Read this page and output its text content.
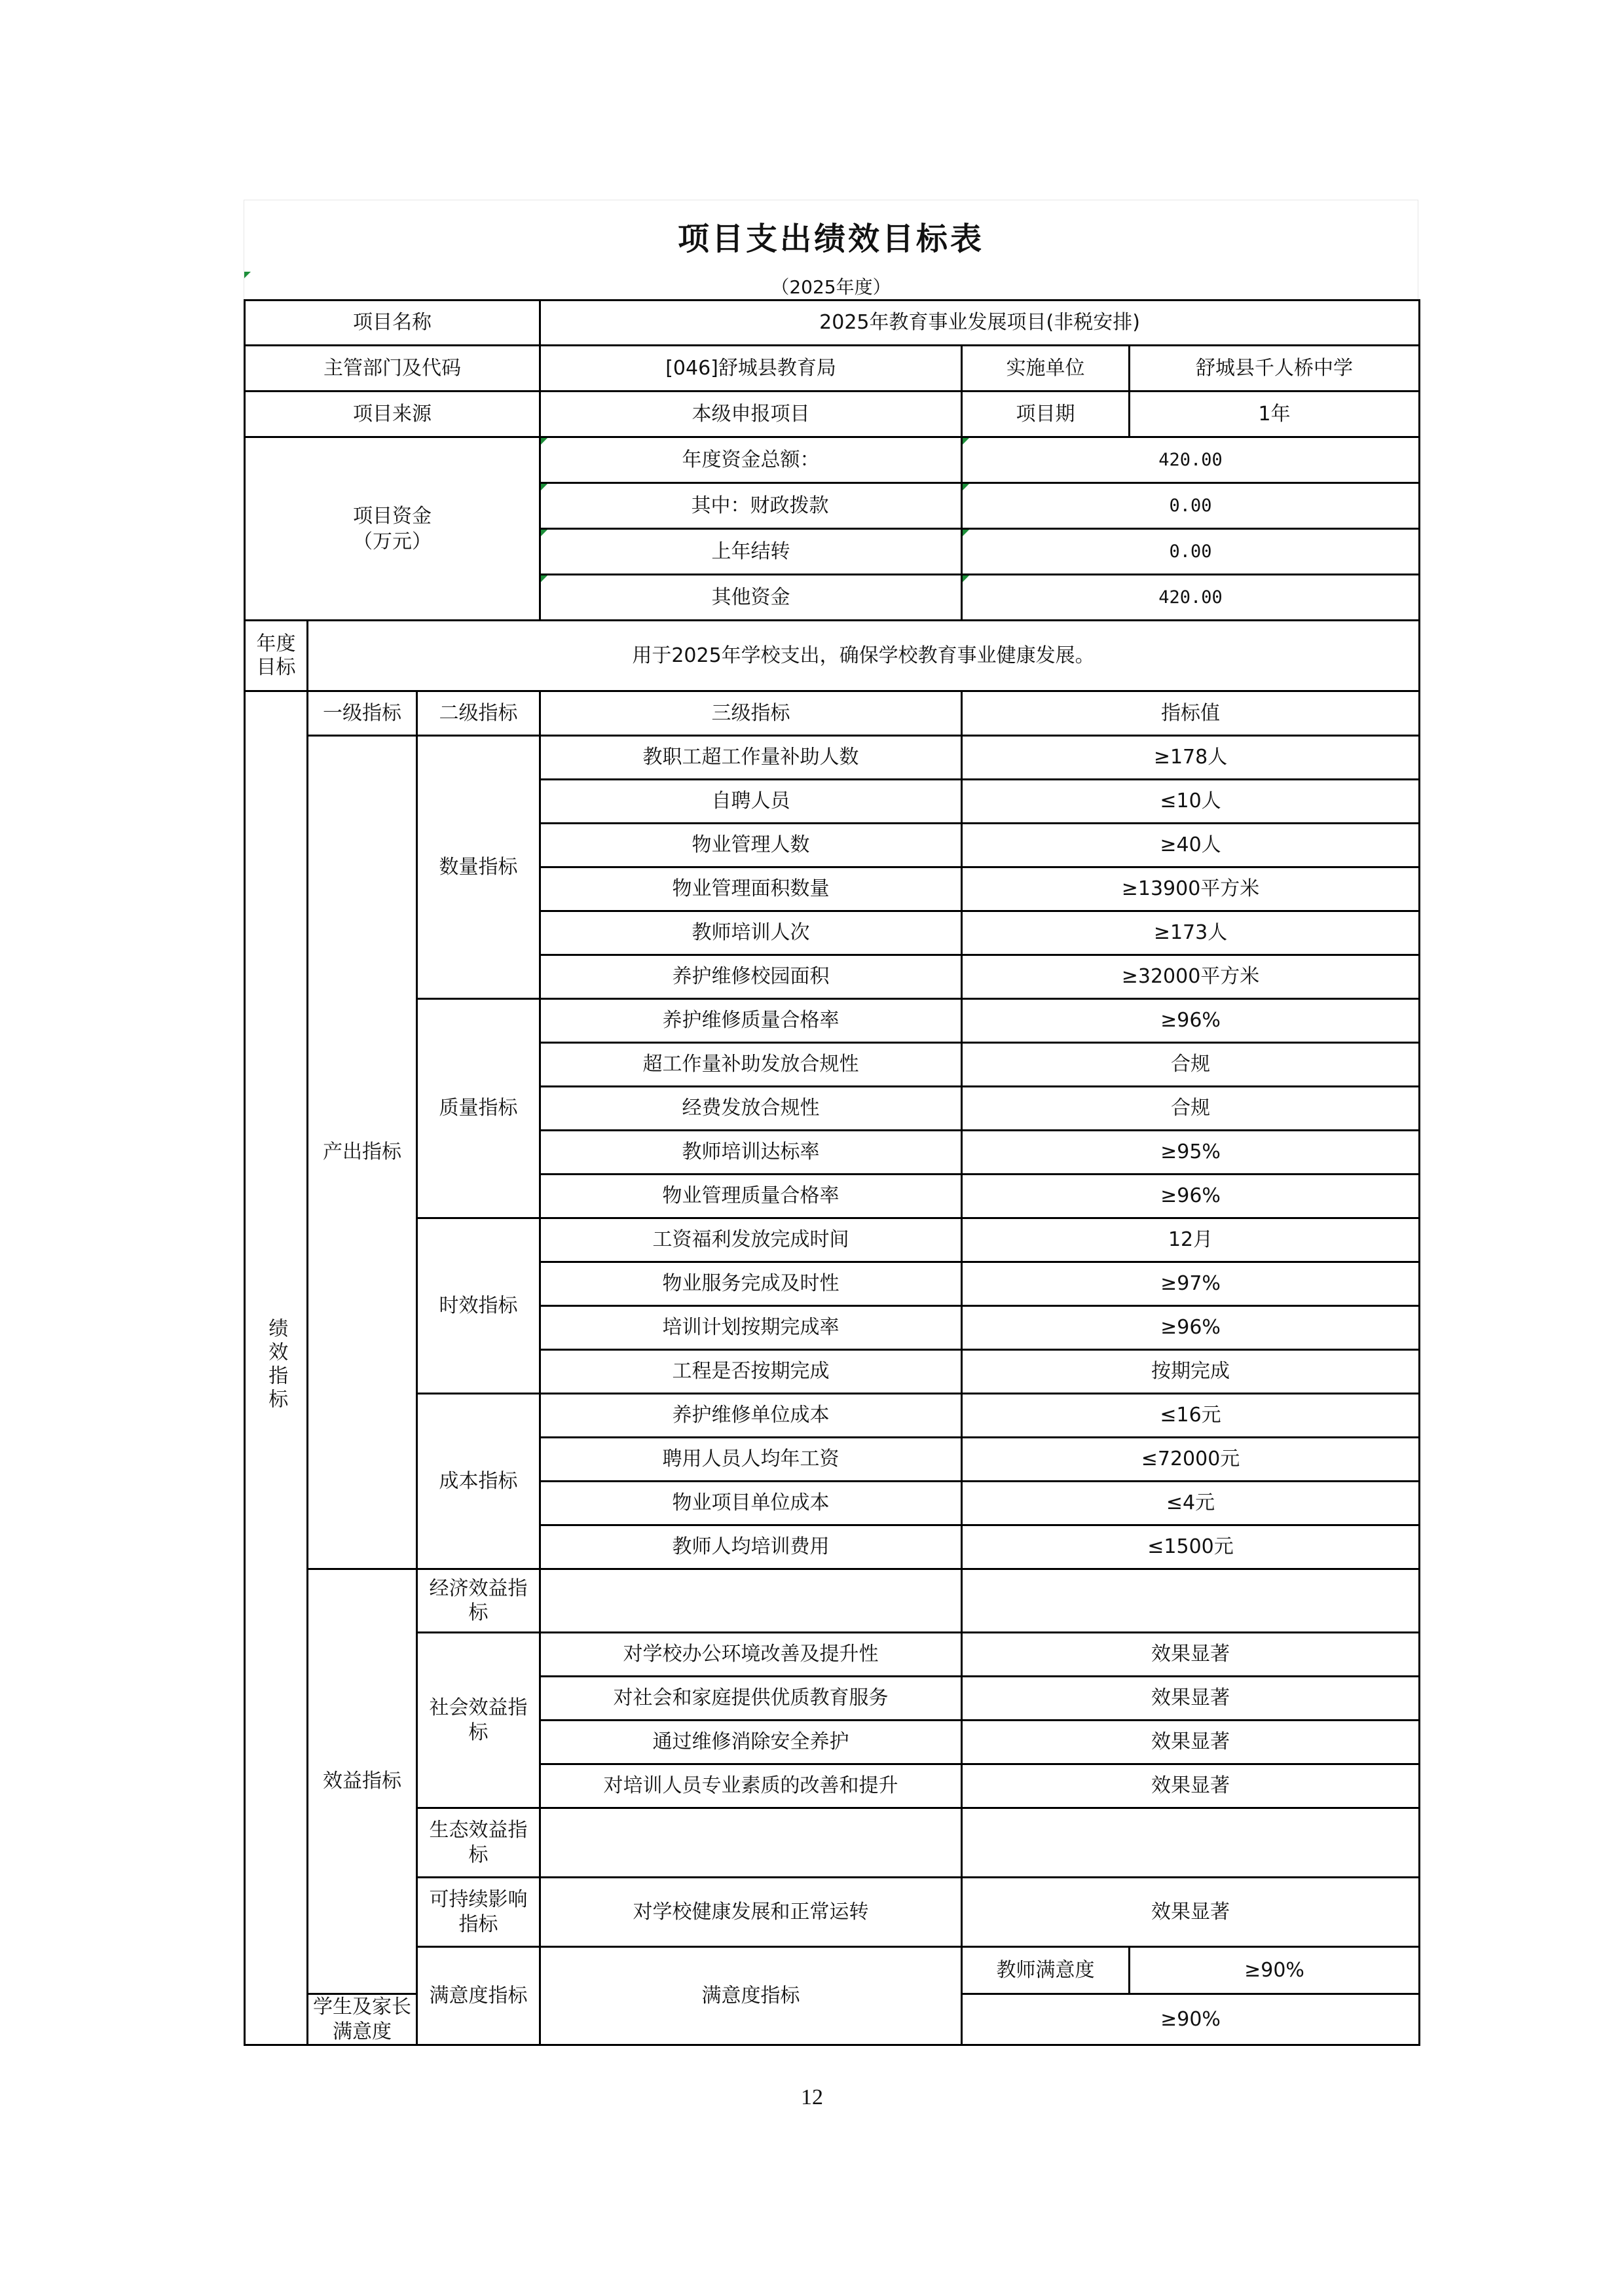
项目支出绩效目标表
（2025年度）
项目名称			2025年教育事业发展项目(非税安排)		
主管部门及代码			[046]舒城县教育局	实施单位	舒城县千人桥中学
项目来源			本级申报项目	项目期	1年

项目资金（万元）			年度资金总额：	420.00	

其中：财政拨款	0.00	

上年结转	0.00	

其他资金	420.00	

年度目标	用于2025年学校支出，确保学校教育事业健康发展。				
绩效指标	一级指标	二级指标	三级指标	指标值	
	产出指标	数量指标	教职工超工作量补助人数	≥178人	
			自聘人员	≤10人	
			物业管理人数	≥40人	
			物业管理面积数量	≥13900平方米	
			教师培训人次	≥173人	
			养护维修校园面积	≥32000平方米	
		质量指标	养护维修质量合格率	≥96%	
			超工作量补助发放合规性	合规	
			经费发放合规性	合规	
			教师培训达标率	≥95%	
			物业管理质量合格率	≥96%	
		时效指标	工资福利发放完成时间	12月	
			物业服务完成及时性	≥97%	
			培训计划按期完成率	≥96%	
			工程是否按期完成	按期完成	
		成本指标	养护维修单位成本	≤16元	
			聘用人员人均年工资	≤72000元	
			物业项目单位成本	≤4元	
			教师人均培训费用	≤1500元	
	效益指标	经济效益指标			

		社会效益指标	对学校办公环境改善及提升性	效果显著	
			对社会和家庭提供优质教育服务	效果显著	
			通过维修消除安全养护	效果显著	
			对培训人员专业素质的改善和提升	效果显著	

		生态效益指标			

		可持续影响指标	对学校健康发展和正常运转	效果显著	

		满意度指标	满意度指标	教师满意度	≥90%
	学生及家长满意度			≥90%	
12
